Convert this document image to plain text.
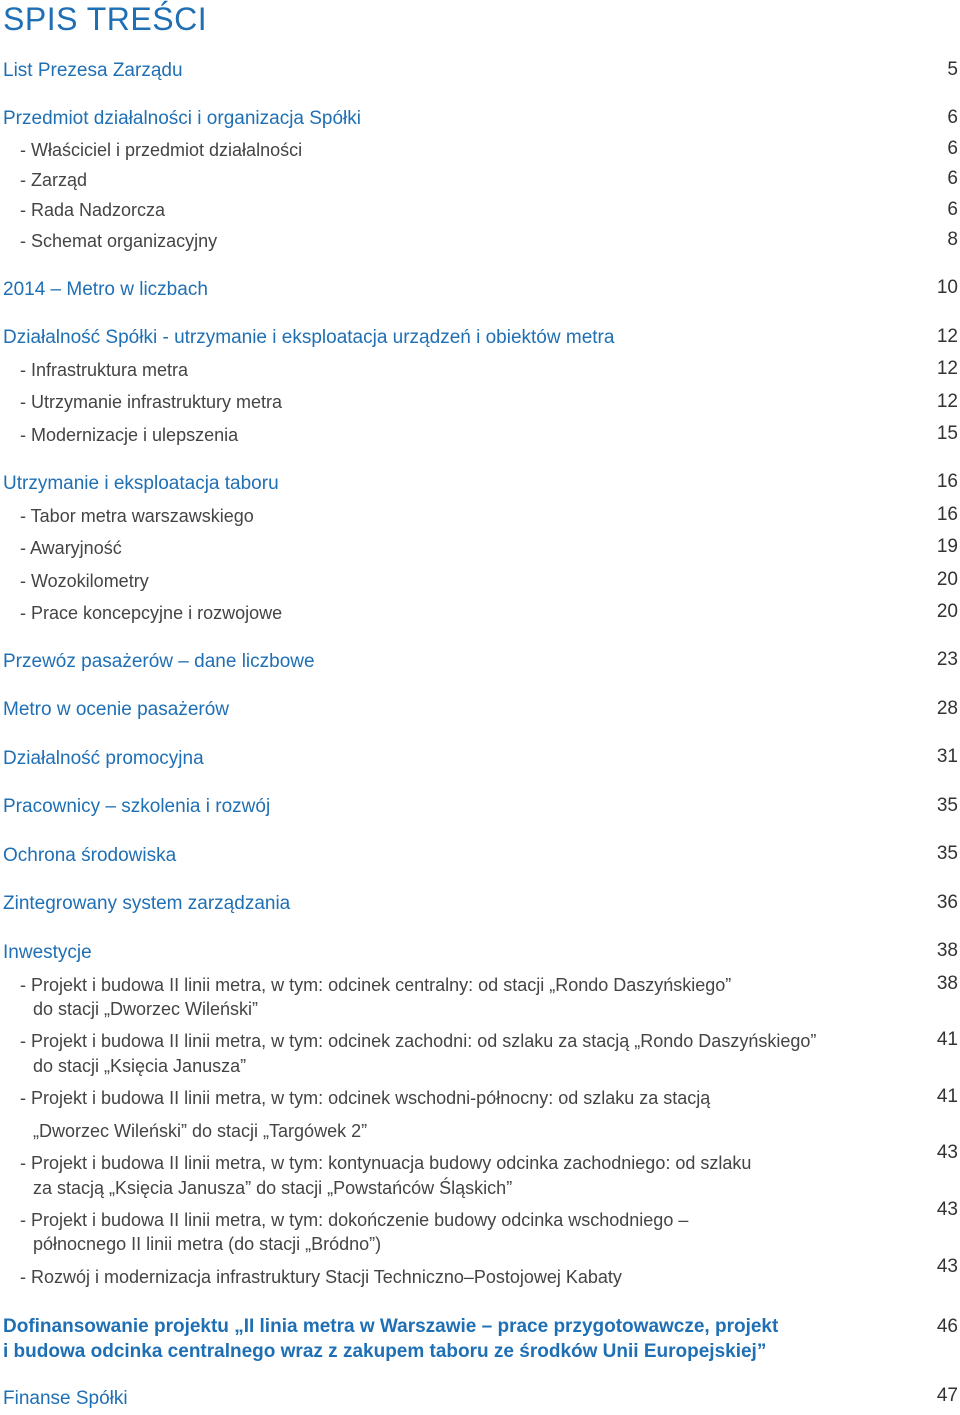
SPIS TREŚCI
List Prezesa Zarządu
Przedmiot działalności i organizacja Spółki
- Właściciel i przedmiot działalności
- Zarząd
- Rada Nadzorcza
- Schemat organizacyjny
2014 – Metro w liczbach
Działalność Spółki - utrzymanie i eksploatacja urządzeń i obiektów metra
- Infrastruktura metra
- Utrzymanie infrastruktury metra
- Modernizacje i ulepszenia
Utrzymanie i eksploatacja taboru
- Tabor metra warszawskiego
- Awaryjność
- Wozokilometry
- Prace koncepcyjne i rozwojowe
Przewóz pasażerów – dane liczbowe
Metro w ocenie pasażerów
Działalność promocyjna
Pracownicy – szkolenia i rozwój
Ochrona środowiska
Zintegrowany system zarządzania
Inwestycje
- Projekt i budowa II linii metra, w tym: odcinek centralny: od stacji „Rondo Daszyńskiego”
do stacji „Dworzec Wileński”
- Projekt i budowa II linii metra, w tym: odcinek zachodni: od szlaku za stacją „Rondo Daszyńskiego”
do stacji „Księcia Janusza”
- Projekt i budowa II linii metra, w tym: odcinek wschodni-północny: od szlaku za stacją
„Dworzec Wileński” do stacji „Targówek 2”
- Projekt i budowa II linii metra, w tym: kontynuacja budowy odcinka zachodniego: od szlaku
za stacją „Księcia Janusza” do stacji „Powstańców Śląskich”
- Projekt i budowa II linii metra, w tym: dokończenie budowy odcinka wschodniego –
północnego II linii metra (do stacji „Bródno”)
- Rozwój i modernizacja infrastruktury Stacji Techniczno–Postojowej Kabaty
Dofinansowanie projektu „II linia metra w Warszawie – prace przygotowawcze, projekt
i budowa odcinka centralnego wraz z zakupem taboru ze środków Unii Europejskiej”
Finanse Spółki
5
6
6
6
6
8
10
12
12
12
15
16
16
19
20
20
23
28
31
35
35
36
38
38
41
41
43
43
43
46
47
